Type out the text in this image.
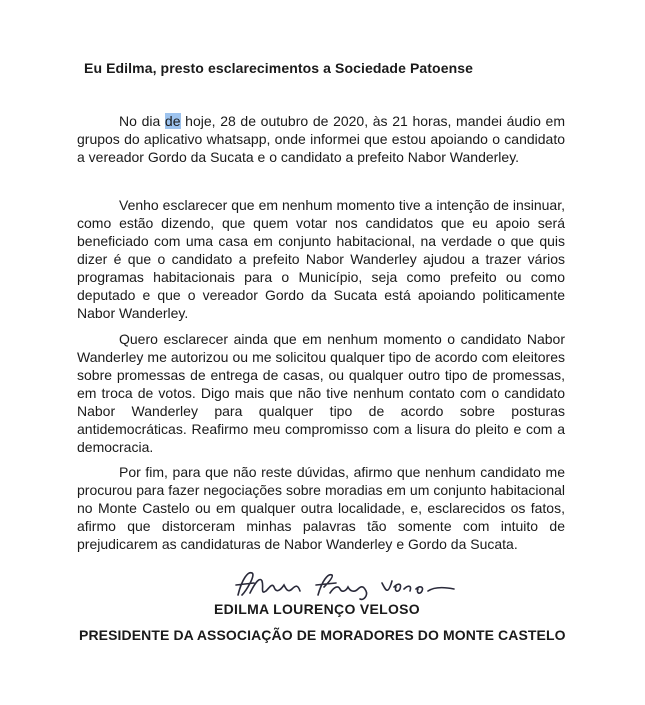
Eu Edilma, presto esclarecimentos a Sociedade Patoense

No dia de hoje, 28 de outubro de 2020, às 21 horas, mandei áudio em grupos do aplicativo whatsapp, onde informei que estou apoiando o candidato a vereador Gordo da Sucata e o candidato a prefeito Nabor Wanderley.

Venho esclarecer que em nenhum momento tive a intenção de insinuar, como estão dizendo, que quem votar nos candidatos que eu apoio será beneficiado com uma casa em conjunto habitacional, na verdade o que quis dizer é que o candidato a prefeito Nabor Wanderley ajudou a trazer vários programas habitacionais para o Município, seja como prefeito ou como deputado e que o vereador Gordo da Sucata está apoiando politicamente Nabor Wanderley.

Quero esclarecer ainda que em nenhum momento o candidato Nabor Wanderley me autorizou ou me solicitou qualquer tipo de acordo com eleitores sobre promessas de entrega de casas, ou qualquer outro tipo de promessas, em troca de votos. Digo mais que não tive nenhum contato com o candidato Nabor Wanderley para qualquer tipo de acordo sobre posturas antidemocráticas. Reafirmo meu compromisso com a lisura do pleito e com a democracia.

Por fim, para que não reste dúvidas, afirmo que nenhum candidato me procurou para fazer negociações sobre moradias em um conjunto habitacional no Monte Castelo ou em qualquer outra localidade, e, esclarecidos os fatos, afirmo que distorceram minhas palavras tão somente com intuito de prejudicarem as candidaturas de Nabor Wanderley e Gordo da Sucata.

EDILMA LOURENÇO VELOSO
PRESIDENTE DA ASSOCIAÇÃO DE MORADORES DO MONTE CASTELO
